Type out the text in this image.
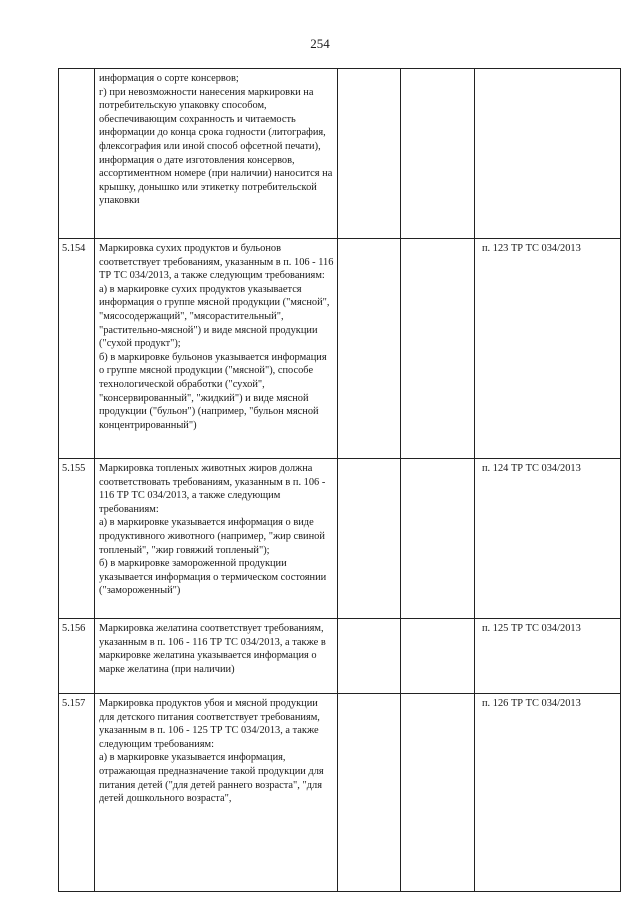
254
	информация о сорте консервов;
г) при невозможности нанесения маркировки на потребительскую упаковку способом, обеспечивающим сохранность и читаемость информации до конца срока годности (литография, флексография или иной способ офсетной печати), информация о дате изготовления консервов, ассортиментном номере (при наличии) наносится на крышку, донышко или этикетку потребительской упаковки			
5.154	Маркировка сухих продуктов и бульонов соответствует требованиям, указанным в п. 106 - 116 ТР ТС 034/2013, а также следующим требованиям:
а) в маркировке сухих продуктов указывается информация о группе мясной продукции ("мясной", "мясосодержащий", "мясорастительный", "растительно-мясной") и виде мясной продукции ("сухой продукт");
б) в маркировке бульонов указывается информация о группе мясной продукции ("мясной"), способе технологической обработки ("сухой", "консервированный", "жидкий") и виде мясной продукции ("бульон") (например, "бульон мясной концентрированный")			п. 123 ТР ТС 034/2013
5.155	Маркировка топленых животных жиров должна соответствовать требованиям, указанным в п. 106 - 116 ТР ТС 034/2013, а также следующим требованиям:
а) в маркировке указывается информация о виде продуктивного животного (например, "жир свиной топленый", "жир говяжий топленый");
б) в маркировке замороженной продукции указывается информация о термическом состоянии ("замороженный")			п. 124 ТР ТС 034/2013
5.156	Маркировка желатина соответствует требованиям, указанным в п. 106 - 116 ТР ТС 034/2013, а также в маркировке желатина указывается информация о марке желатина (при наличии)			п. 125 ТР ТС 034/2013
5.157	Маркировка продуктов убоя и мясной продукции для детского питания соответствует требованиям, указанным в п. 106 - 125 ТР ТС 034/2013, а также следующим требованиям:
а) в маркировке указывается информация, отражающая предназначение такой продукции для питания детей ("для детей раннего возраста", "для детей дошкольного возраста",			п. 126 ТР ТС 034/2013
